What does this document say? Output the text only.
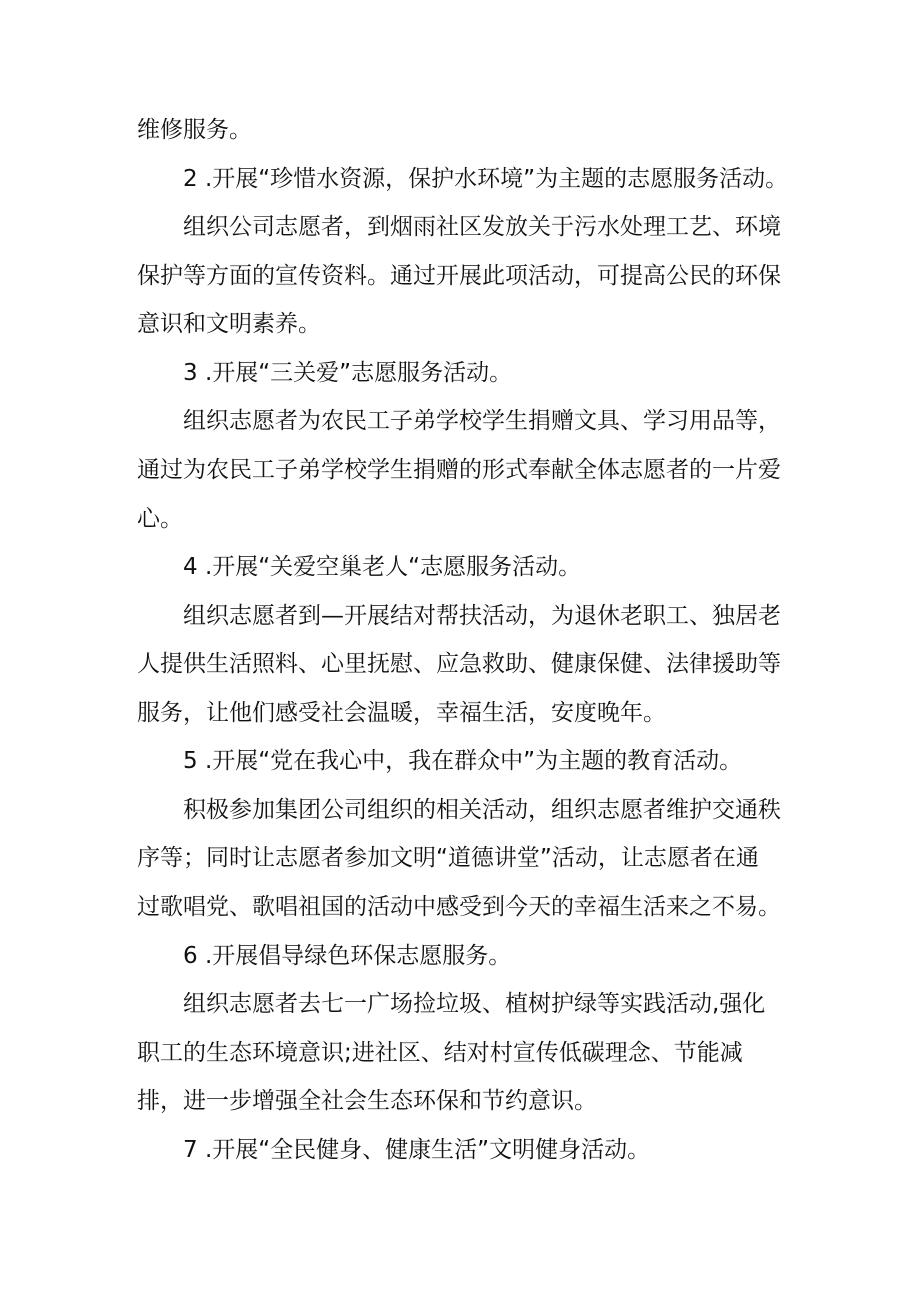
维修服务。
2 .开展“珍惜水资源，保护水环境”为主题的志愿服务活动。
组织公司志愿者，到烟雨社区发放关于污水处理工艺、环境
保护等方面的宣传资料。通过开展此项活动，可提高公民的环保
意识和文明素养。
3 .开展“三关爱”志愿服务活动。
组织志愿者为农民工子弟学校学生捐赠文具、学习用品等，
通过为农民工子弟学校学生捐赠的形式奉献全体志愿者的一片爱
心。
4 .开展“关爱空巢老人“志愿服务活动。
组织志愿者到—开展结对帮扶活动，为退休老职工、独居老
人提供生活照料、心里抚慰、应急救助、健康保健、法律援助等
服务，让他们感受社会温暖，幸福生活，安度晚年。
5 .开展“党在我心中，我在群众中”为主题的教育活动。
积极参加集团公司组织的相关活动，组织志愿者维护交通秩
序等；同时让志愿者参加文明“道德讲堂”活动，让志愿者在通
过歌唱党、歌唱祖国的活动中感受到今天的幸福生活来之不易。
6 .开展倡导绿色环保志愿服务。
组织志愿者去七一广场捡垃圾、植树护绿等实践活动,强化
职工的生态环境意识;进社区、结对村宣传低碳理念、节能减
排，进一步增强全社会生态环保和节约意识。
7 .开展“全民健身、健康生活”文明健身活动。
